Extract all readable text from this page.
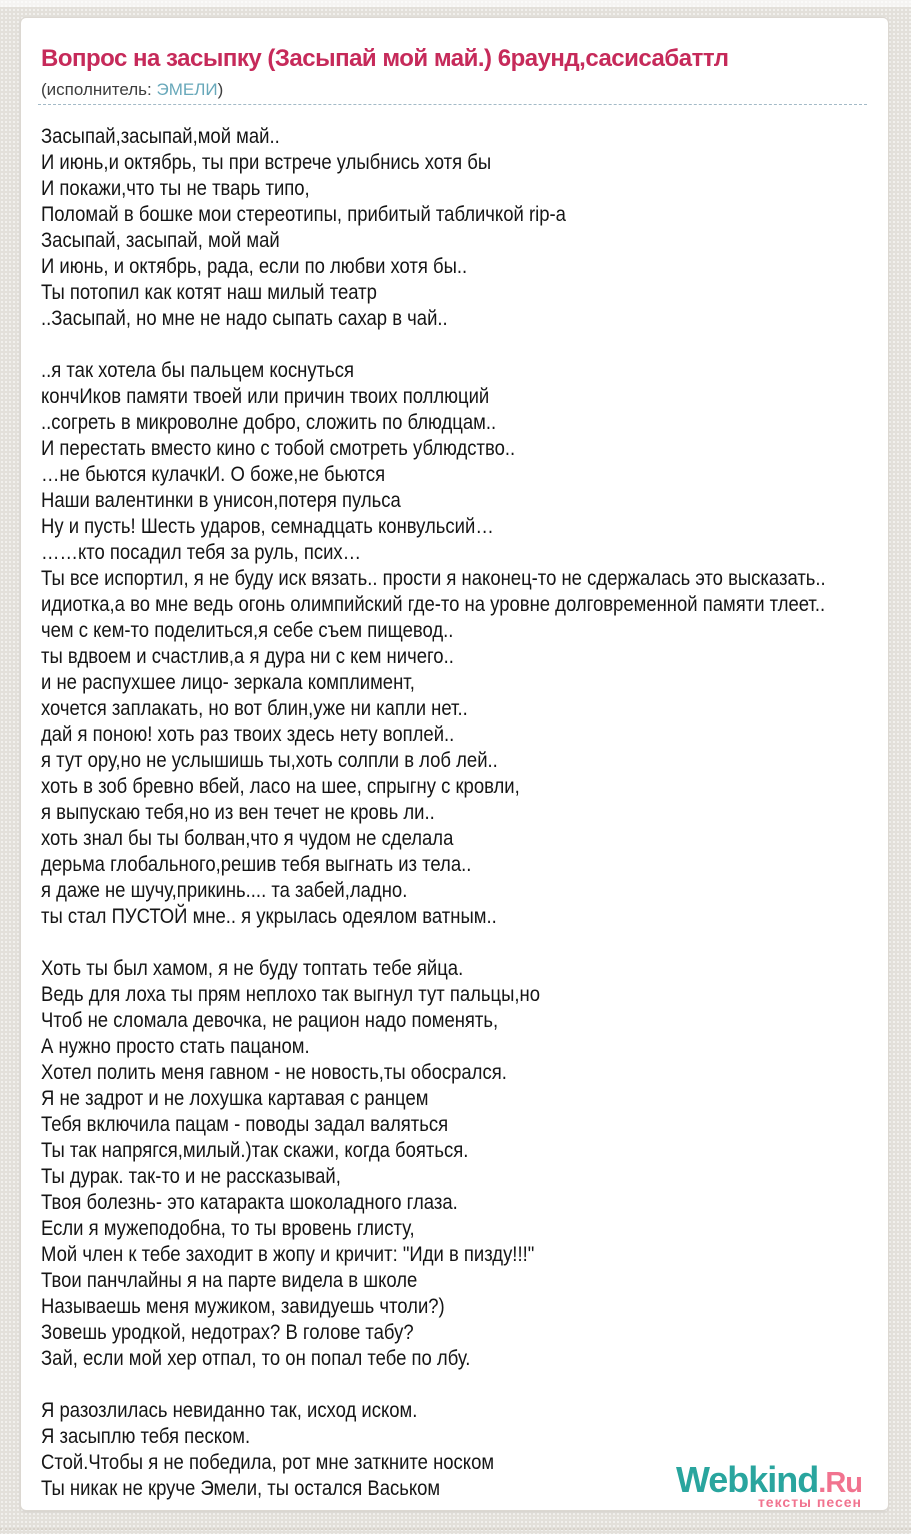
Вопрос на засыпку (Засыпай мой май.) 6раунд,сасисабаттл
(исполнитель: ЭМЕЛИ)
Засыпай,засыпай,мой май..
И июнь,и октябрь, ты при встрече улыбнись хотя бы
И покажи,что ты не тварь типо,
Поломай в бошке мои стереотипы, прибитый табличкой rip-а
Засыпай, засыпай, мой май
И июнь, и октябрь, рада, если по любви хотя бы..
Ты потопил как котят наш милый театр
..Засыпай, но мне не надо сыпать сахар в чай..

..я так хотела бы пальцем коснуться
кончИков памяти твоей или причин твоих поллюций
..согреть в микроволне добро, сложить по блюдцам..
И перестать вместо кино с тобой смотреть ублюдство..
…не бьются кулачкИ. О боже,не бьются
Наши валентинки в унисон,потеря пульса
Ну и пусть! Шесть ударов, семнадцать конвульсий…
……кто посадил тебя за руль, псих…
Ты все испортил, я не буду иск вязать.. прости я наконец-то не сдержалась это высказать..
идиотка,а во мне ведь огонь олимпийский где-то на уровне долговременной памяти тлеет..
чем с кем-то поделиться,я себе съем пищевод..
ты вдвоем и счастлив,а я дура ни с кем ничего..
и не распухшее лицо- зеркала комплимент,
хочется заплакать, но вот блин,уже ни капли нет..
дай я поною! хоть раз твоих здесь нету воплей..
я тут ору,но не услышишь ты,хоть солпли в лоб лей..
хоть в зоб бревно вбей, ласо на шее, спрыгну с кровли,
я выпускаю тебя,но из вен течет не кровь ли..
хоть знал бы ты болван,что я чудом не сделала
дерьма глобального,решив тебя выгнать из тела..
я даже не шучу,прикинь.... та забей,ладно.
ты стал ПУСТОЙ мне.. я укрылась одеялом ватным..

Хоть ты был хамом, я не буду топтать тебе яйца.
Ведь для лоха ты прям неплохо так выгнул тут пальцы,но
Чтоб не сломала девочка, не рацион надо поменять,
А нужно просто стать пацаном.
Хотел полить меня гавном - не новость,ты обосрался.
Я не задрот и не лохушка картавая с ранцем
Тебя включила пацам - поводы задал валяться
Ты так напрягся,милый.)так скажи, когда бояться.
Ты дурак. так-то и не рассказывай,
Твоя болезнь- это катаракта шоколадного глаза.
Если я мужеподобна, то ты вровень глисту,
Мой член к тебе заходит в жопу и кричит: "Иди в пизду!!!"
Твои панчлайны я на парте видела в школе
Называешь меня мужиком, завидуешь чтоли?)
Зовешь уродкой, недотрах? В голове табу?
Зай, если мой хер отпал, то он попал тебе по лбу.

Я разозлилась невиданно так, исход иском.
Я засыплю тебя песком.
Стой.Чтобы я не победила, рот мне заткните носком
Ты никак не круче Эмели, ты остался Васьком	Webkind.Ru
тексты песен
